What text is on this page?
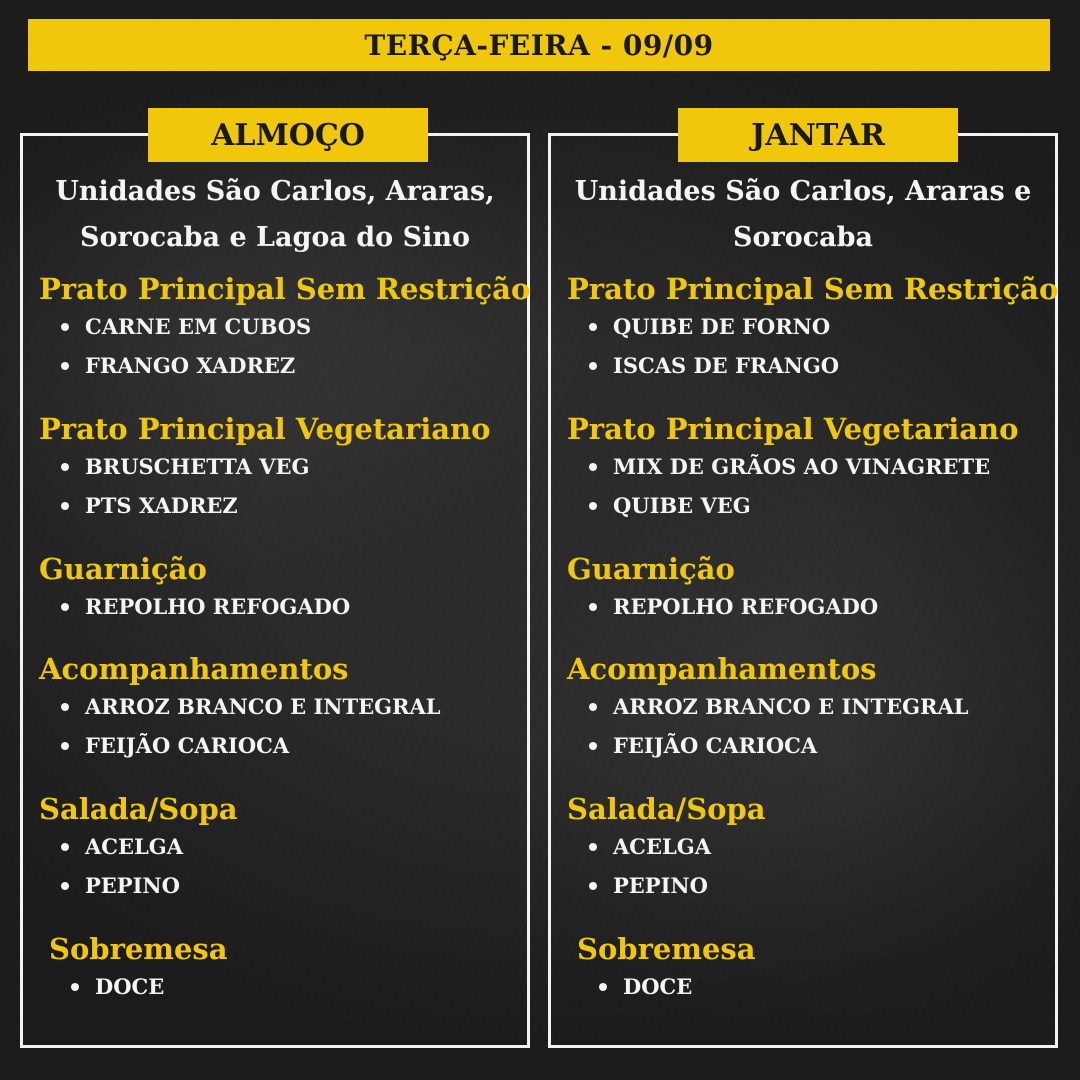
TERÇA-FEIRA - 09/09
ALMOÇO
Unidades São Carlos, Araras,
Sorocaba e Lagoa do Sino
Prato Principal Sem Restrição
CARNE EM CUBOS
FRANGO XADREZ
Prato Principal Vegetariano
BRUSCHETTA VEG
PTS XADREZ
Guarnição
REPOLHO REFOGADO
Acompanhamentos
ARROZ BRANCO E INTEGRAL
FEIJÃO CARIOCA
Salada/Sopa
ACELGA
PEPINO
Sobremesa
DOCE
JANTAR
Unidades São Carlos, Araras e
Sorocaba
Prato Principal Sem Restrição
QUIBE DE FORNO
ISCAS DE FRANGO
Prato Principal Vegetariano
MIX DE GRÃOS AO VINAGRETE
QUIBE VEG
Guarnição
REPOLHO REFOGADO
Acompanhamentos
ARROZ BRANCO E INTEGRAL
FEIJÃO CARIOCA
Salada/Sopa
ACELGA
PEPINO
Sobremesa
DOCE
